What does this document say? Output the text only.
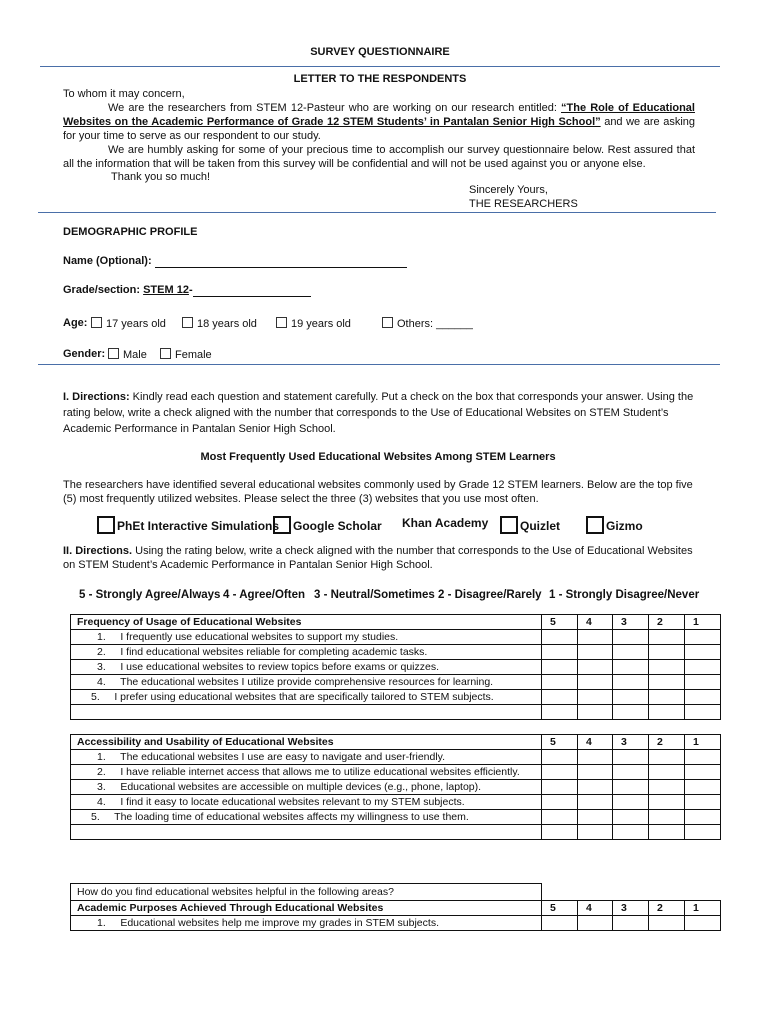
SURVEY QUESTIONNAIRE
LETTER TO THE RESPONDENTS
To whom it may concern,
We are the researchers from STEM 12-Pasteur who are working on our research entitled: “The Role of Educational Websites on the Academic Performance of Grade 12 STEM Students’ in Pantalan Senior High School” and we are asking for your time to serve as our respondent to our study.
We are humbly asking for some of your precious time to accomplish our survey questionnaire below. Rest assured that all the information that will be taken from this survey will be confidential and will not be used against you or anyone else.
Thank you so much!
Sincerely Yours,
THE RESEARCHERS
DEMOGRAPHIC PROFILE
Name (Optional):
Grade/section: STEM 12-
Age:	17 years old	18 years old	19 years old	Others: ______
Gender:	Male	Female
I. Directions: Kindly read each question and statement carefully. Put a check on the box that corresponds your answer. Using the rating below, write a check aligned with the number that corresponds to the Use of Educational Websites on STEM Student’s Academic Performance in Pantalan Senior High School.
Most Frequently Used Educational Websites Among STEM Learners
The researchers have identified several educational websites commonly used by Grade 12 STEM learners. Below are the top five (5) most frequently utilized websites. Please select the three (3) websites that you use most often.
PhEt Interactive Simulations	Google Scholar Khan Academy	Quizlet	Gizmo
II. Directions. Using the rating below, write a check aligned with the number that corresponds to the Use of Educational Websites on STEM Student’s Academic Performance in Pantalan Senior High School.
5 - Strongly Agree/Always 4 - Agree/Often 3 - Neutral/Sometimes 2 - Disagree/Rarely 1 - Strongly Disagree/Never
Frequency of Usage of Educational Websites	5	4	3	2	1
1.     I frequently use educational websites to support my studies.					
2.     I find educational websites reliable for completing academic tasks.					
3.     I use educational websites to review topics before exams or quizzes.					
4.     The educational websites I utilize provide comprehensive resources for learning.					
5.     I prefer using educational websites that are specifically tailored to STEM subjects.					

Accessibility and Usability of Educational Websites	5	4	3	2	1
1.     The educational websites I use are easy to navigate and user-friendly.					
2.     I have reliable internet access that allows me to utilize educational websites efficiently.					
3.     Educational websites are accessible on multiple devices (e.g., phone, laptop).					
4.     I find it easy to locate educational websites relevant to my STEM subjects.					
5.     The loading time of educational websites affects my willingness to use them.					

How do you find educational websites helpful in the following areas?					
Academic Purposes Achieved Through Educational Websites	5	4	3	2	1
1.     Educational websites help me improve my grades in STEM subjects.					
